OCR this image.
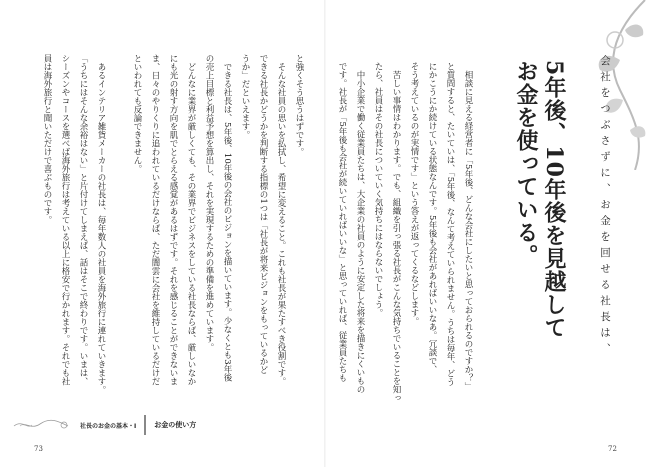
と強くそう思うはずです。

　そんな社員の思いを払拭し、希望に変えること。これも社長が果たすべき役割です。

できる社長かどうかを判断する指標の1つは「社長が将来ビジョンをもっているかど

うか」だといえます。

　できる社長は、5年後、10年後の会社のビジョンを描いています。少なくとも3年後

の売上目標と利益予想を算出し、それを実現するための準備を進めています。

　どんなに業界が厳しくても、その業界でビジネスをしている社長ならば、厳しいなか

にも光の射す方向を肌でとらえる感覚があるはずです。それを感じることができないま

ま、日々のやりくりに追われているだけならば、ただ闇雲に会社を維持しているだけだ

といわれても反論できません。

　あるインテリア雑貨メーカーの社長は、毎年数人の社員を海外旅行に連れていきます。

「うちにはそんな余裕はない」と片付けてしまえば、話はそこで終わりです。いまは、

シーズンやコースを選べば海外旅行は考えている以上に格安で行かれます。それでも社

員は海外旅行と聞いただけで喜ぶものです。

社長のお金の基本・I	お金の使い方
73
会社をつぶさずに、お金を回せる社長は、

5年後、10年後を見越して

お金を使っている。

　相談に見える経営者に「5年後、どんな会社にしたいと思っておられるのですか？」

と質問すると、たいていは、「5年後、なんて考えていられません。うちは毎年、どう

にかこうにか続けている状態なんです。5年後も会社があればいいなあ。冗談で、

そう考えているのが実情です」という答えが返ってくるなどします。

　苦しい事情はわかります。でも、組織を引っ張る社長がこんな気持ちでいることを知っ

たら、社員はその社長についていく気持ちにはならないでしょう。

　中小企業で働く従業員たちは、大企業の社員のように安定した将来を描きにくいもの

です。社長が「5年後も会社が続いていればいいな」と思っていれば、従業員たちも

72
